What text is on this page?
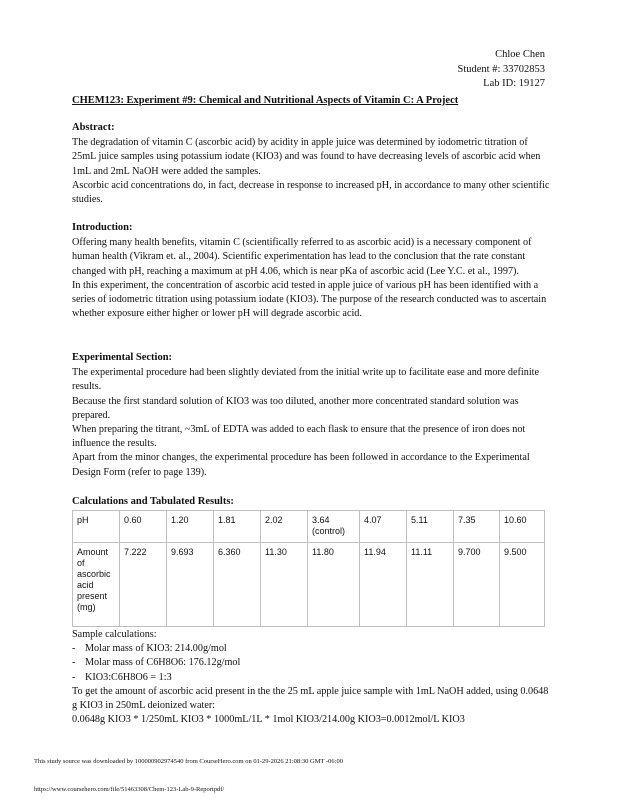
Chloe Chen
Student #: 33702853
Lab ID: 19127
CHEM123: Experiment #9: Chemical and Nutritional Aspects of Vitamin C: A Project
Abstract:

The degradation of vitamin C (ascorbic acid) by acidity in apple juice was determined by iodometric titration of 25mL juice samples using potassium iodate (KIO3) and was found to have decreasing levels of ascorbic acid when 1mL and 2mL NaOH were added the samples.

Ascorbic acid concentrations do, in fact, decrease in response to increased pH, in accordance to many other scientific studies.

Introduction:

Offering many health benefits, vitamin C (scientifically referred to as ascorbic acid) is a necessary component of human health (Vikram et. al., 2004). Scientific experimentation has lead to the conclusion that the rate constant changed with pH, reaching a maximum at pH 4.06, which is near pKa of ascorbic acid (Lee Y.C. et al., 1997).

In this experiment, the concentration of ascorbic acid tested in apple juice of various pH has been identified with a series of iodometric titration using potassium iodate (KIO3). The purpose of the research conducted was to ascertain whether exposure either higher or lower pH will degrade ascorbic acid.

Experimental Section:

The experimental procedure had been slightly deviated from the initial write up to facilitate ease and more definite results.

Because the first standard solution of KIO3 was too diluted, another more concentrated standard solution was prepared.

When preparing the titrant, ~3mL of EDTA was added to each flask to ensure that the presence of iron does not influence the results.

Apart from the minor changes, the experimental procedure has been followed in accordance to the Experimental Design Form (refer to page 139).

Calculations and Tabulated Results:
pH	0.60	1.20	1.81	2.02	3.64 (control)	4.07	5.11	7.35	10.60
Amount of ascorbic acid present (mg)	7.222	9.693	6.360	11.30	11.80	11.94	11.11	9.700	9.500
Sample calculations:
- Molar mass of KIO3: 214.00g/mol
- Molar mass of C6H8O6: 176.12g/mol
- KIO3:C6H8O6 = 1:3
To get the amount of ascorbic acid present in the the 25 mL apple juice sample with 1mL NaOH added, using 0.0648 g KIO3 in 250mL deionized water:
0.0648g KIO3 * 1/250mL KIO3 * 1000mL/1L * 1mol KIO3/214.00g KIO3=0.0012mol/L KIO3
This study source was downloaded by 100000902974540 from CourseHero.com on 01-29-2026 21:08:30 GMT -06:00
https://www.coursehero.com/file/51463308/Chem-123-Lab-9-Reportpdf/
